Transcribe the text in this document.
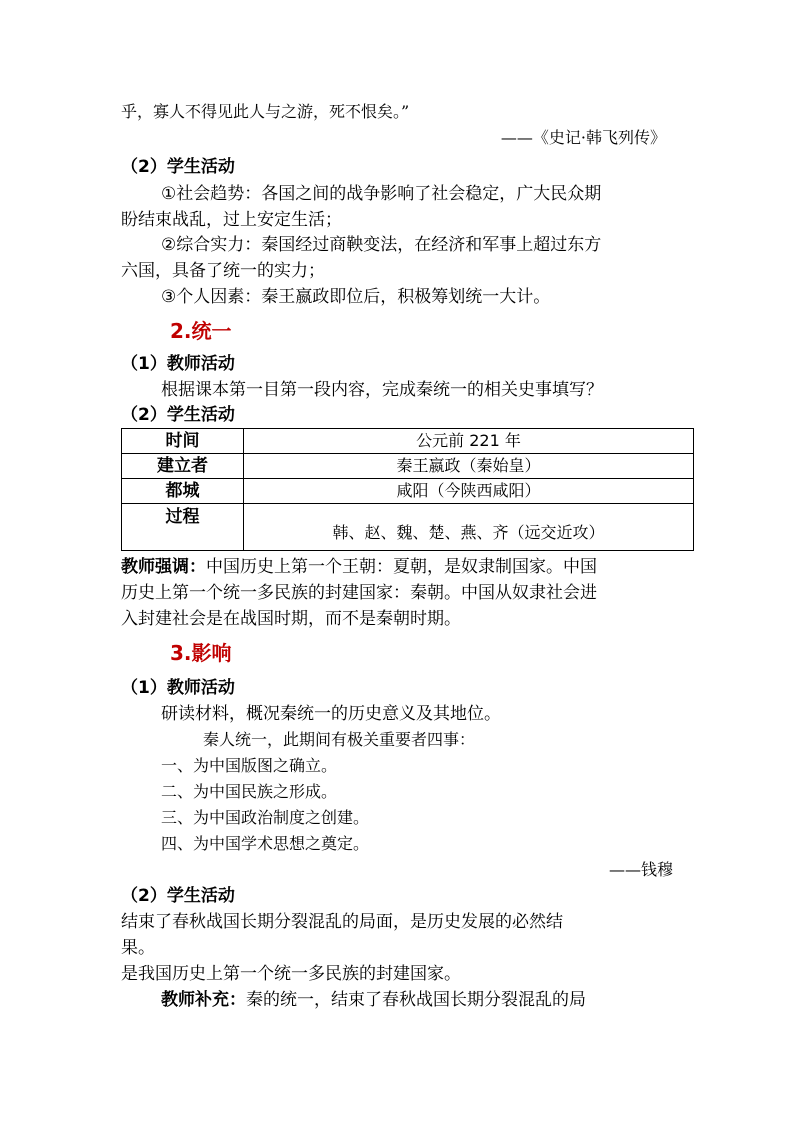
乎，寡人不得见此人与之游，死不恨矣。”
——《史记·韩飞列传》
（2）学生活动
①社会趋势：各国之间的战争影响了社会稳定，广大民众期
盼结束战乱，过上安定生活；
②综合实力：秦国经过商鞅变法，在经济和军事上超过东方
六国，具备了统一的实力；
③个人因素：秦王嬴政即位后，积极筹划统一大计。
2.统一
（1）教师活动
根据课本第一目第一段内容，完成秦统一的相关史事填写？
（2）学生活动
时间	公元前 221 年
建立者	秦王嬴政（秦始皇）
都城	咸阳（今陕西咸阳）
过程	韩、赵、魏、楚、燕、齐（远交近攻）
教师强调：中国历史上第一个王朝：夏朝，是奴隶制国家。中国
历史上第一个统一多民族的封建国家：秦朝。中国从奴隶社会进
入封建社会是在战国时期，而不是秦朝时期。
3.影响
（1）教师活动
研读材料，概况秦统一的历史意义及其地位。
秦人统一，此期间有极关重要者四事：
一、为中国版图之确立。
二、为中国民族之形成。
三、为中国政治制度之创建。
四、为中国学术思想之奠定。
——钱穆
（2）学生活动
结束了春秋战国长期分裂混乱的局面，是历史发展的必然结
果。
是我国历史上第一个统一多民族的封建国家。
教师补充：秦的统一，结束了春秋战国长期分裂混乱的局
